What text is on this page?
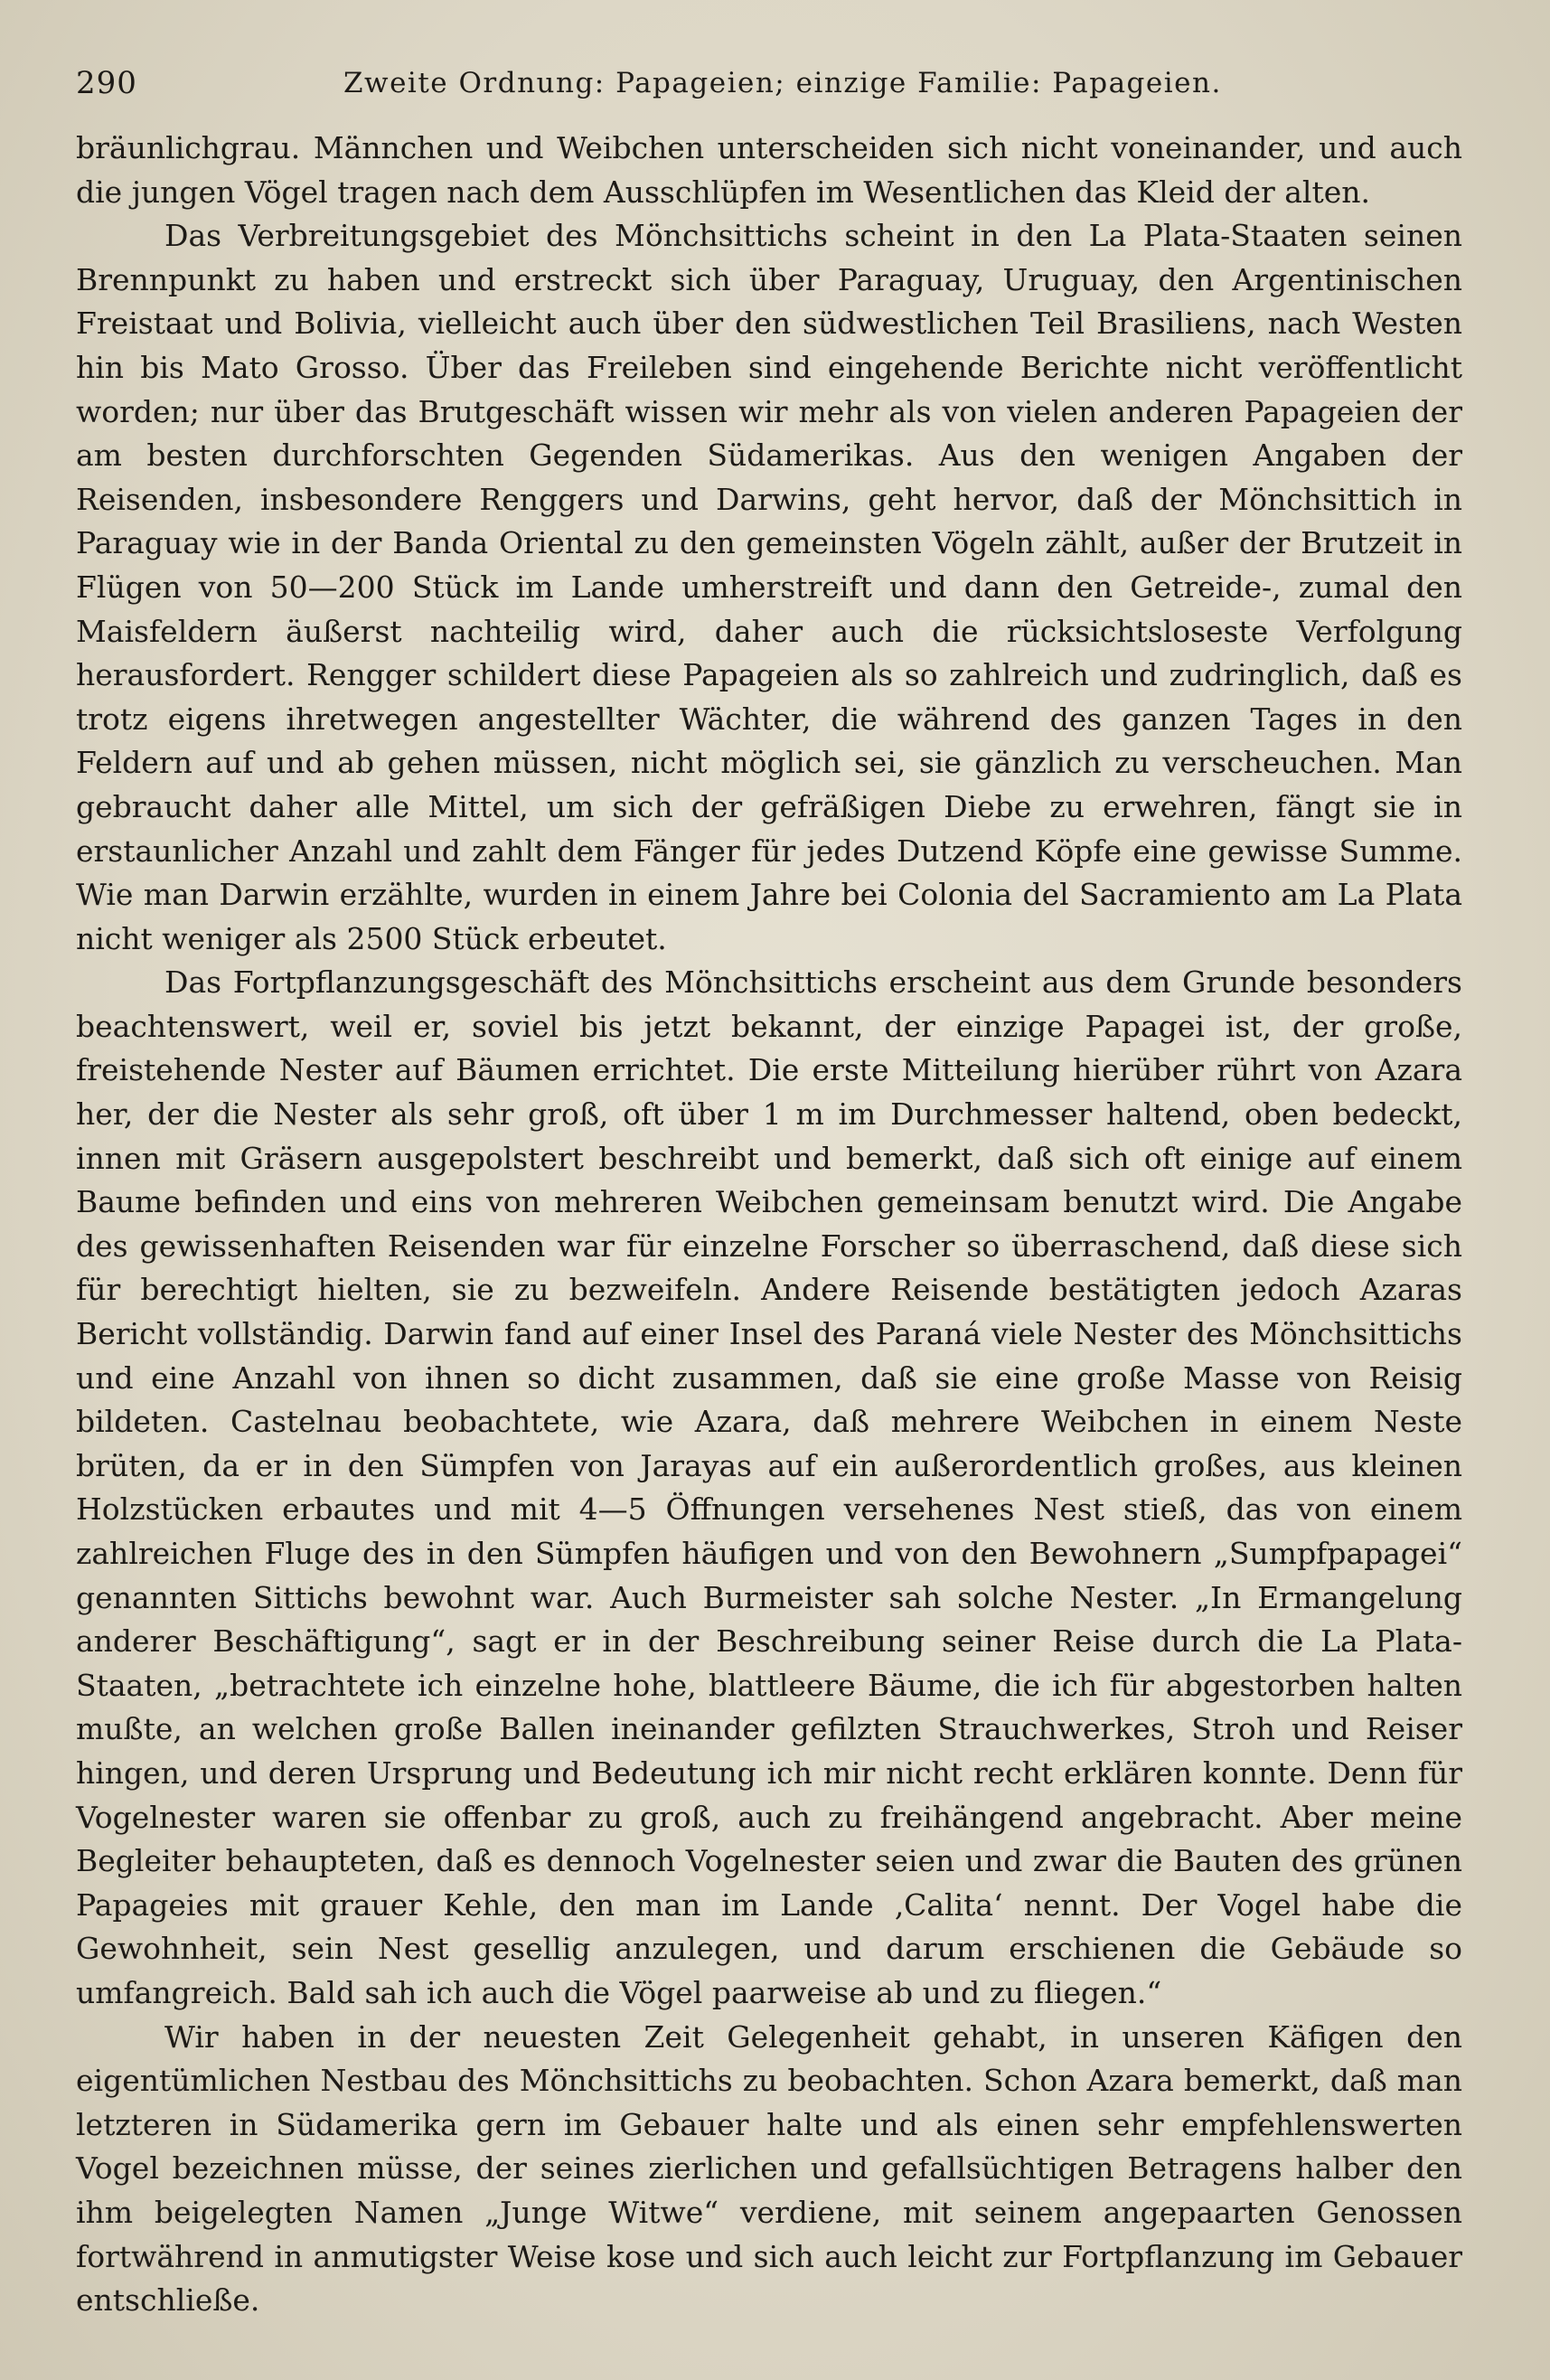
290	Zweite Ordnung: Papageien; einzige Familie: Papageien.

bräunlichgrau. Männchen und Weibchen unterscheiden sich nicht voneinander, und auch die jungen Vögel tragen nach dem Ausschlüpfen im Wesentlichen das Kleid der alten.

Das Verbreitungsgebiet des Mönchsittichs scheint in den La Plata-Staaten seinen Brennpunkt zu haben und erstreckt sich über Paraguay, Uruguay, den Argentinischen Freistaat und Bolivia, vielleicht auch über den südwestlichen Teil Brasiliens, nach Westen hin bis Mato Grosso. Über das Freileben sind eingehende Berichte nicht veröffentlicht worden; nur über das Brutgeschäft wissen wir mehr als von vielen anderen Papageien der am besten durchforschten Gegenden Südamerikas. Aus den wenigen Angaben der Reisenden, insbesondere Renggers und Darwins, geht hervor, daß der Mönchsittich in Paraguay wie in der Banda Oriental zu den gemeinsten Vögeln zählt, außer der Brutzeit in Flügen von 50—200 Stück im Lande umherstreift und dann den Getreide-, zumal den Maisfeldern äußerst nachteilig wird, daher auch die rücksichtsloseste Verfolgung herausfordert. Rengger schildert diese Papageien als so zahlreich und zudringlich, daß es trotz eigens ihretwegen angestellter Wächter, die während des ganzen Tages in den Feldern auf und ab gehen müssen, nicht möglich sei, sie gänzlich zu verscheuchen. Man gebraucht daher alle Mittel, um sich der gefräßigen Diebe zu erwehren, fängt sie in erstaunlicher Anzahl und zahlt dem Fänger für jedes Dutzend Köpfe eine gewisse Summe. Wie man Darwin erzählte, wurden in einem Jahre bei Colonia del Sacramiento am La Plata nicht weniger als 2500 Stück erbeutet.

Das Fortpflanzungsgeschäft des Mönchsittichs erscheint aus dem Grunde besonders beachtenswert, weil er, soviel bis jetzt bekannt, der einzige Papagei ist, der große, freistehende Nester auf Bäumen errichtet. Die erste Mitteilung hierüber rührt von Azara her, der die Nester als sehr groß, oft über 1 m im Durchmesser haltend, oben bedeckt, innen mit Gräsern ausgepolstert beschreibt und bemerkt, daß sich oft einige auf einem Baume befinden und eins von mehreren Weibchen gemeinsam benutzt wird. Die Angabe des gewissenhaften Reisenden war für einzelne Forscher so überraschend, daß diese sich für berechtigt hielten, sie zu bezweifeln. Andere Reisende bestätigten jedoch Azaras Bericht vollständig. Darwin fand auf einer Insel des Paraná viele Nester des Mönchsittichs und eine Anzahl von ihnen so dicht zusammen, daß sie eine große Masse von Reisig bildeten. Castelnau beobachtete, wie Azara, daß mehrere Weibchen in einem Neste brüten, da er in den Sümpfen von Jarayas auf ein außerordentlich großes, aus kleinen Holzstücken erbautes und mit 4—5 Öffnungen versehenes Nest stieß, das von einem zahlreichen Fluge des in den Sümpfen häufigen und von den Bewohnern „Sumpfpapagei“ genannten Sittichs bewohnt war. Auch Burmeister sah solche Nester. „In Ermangelung anderer Beschäftigung“, sagt er in der Beschreibung seiner Reise durch die La Plata-Staaten, „betrachtete ich einzelne hohe, blattleere Bäume, die ich für abgestorben halten mußte, an welchen große Ballen ineinander gefilzten Strauchwerkes, Stroh und Reiser hingen, und deren Ursprung und Bedeutung ich mir nicht recht erklären konnte. Denn für Vogelnester waren sie offenbar zu groß, auch zu freihängend angebracht. Aber meine Begleiter behaupteten, daß es dennoch Vogelnester seien und zwar die Bauten des grünen Papageies mit grauer Kehle, den man im Lande ‚Calita‘ nennt. Der Vogel habe die Gewohnheit, sein Nest gesellig anzulegen, und darum erschienen die Gebäude so umfangreich. Bald sah ich auch die Vögel paarweise ab und zu fliegen.“

Wir haben in der neuesten Zeit Gelegenheit gehabt, in unseren Käfigen den eigentümlichen Nestbau des Mönchsittichs zu beobachten. Schon Azara bemerkt, daß man letzteren in Südamerika gern im Gebauer halte und als einen sehr empfehlenswerten Vogel bezeichnen müsse, der seines zierlichen und gefallsüchtigen Betragens halber den ihm beigelegten Namen „Junge Witwe“ verdiene, mit seinem angepaarten Genossen fortwährend in anmutigster Weise kose und sich auch leicht zur Fortpflanzung im Gebauer entschließe.
